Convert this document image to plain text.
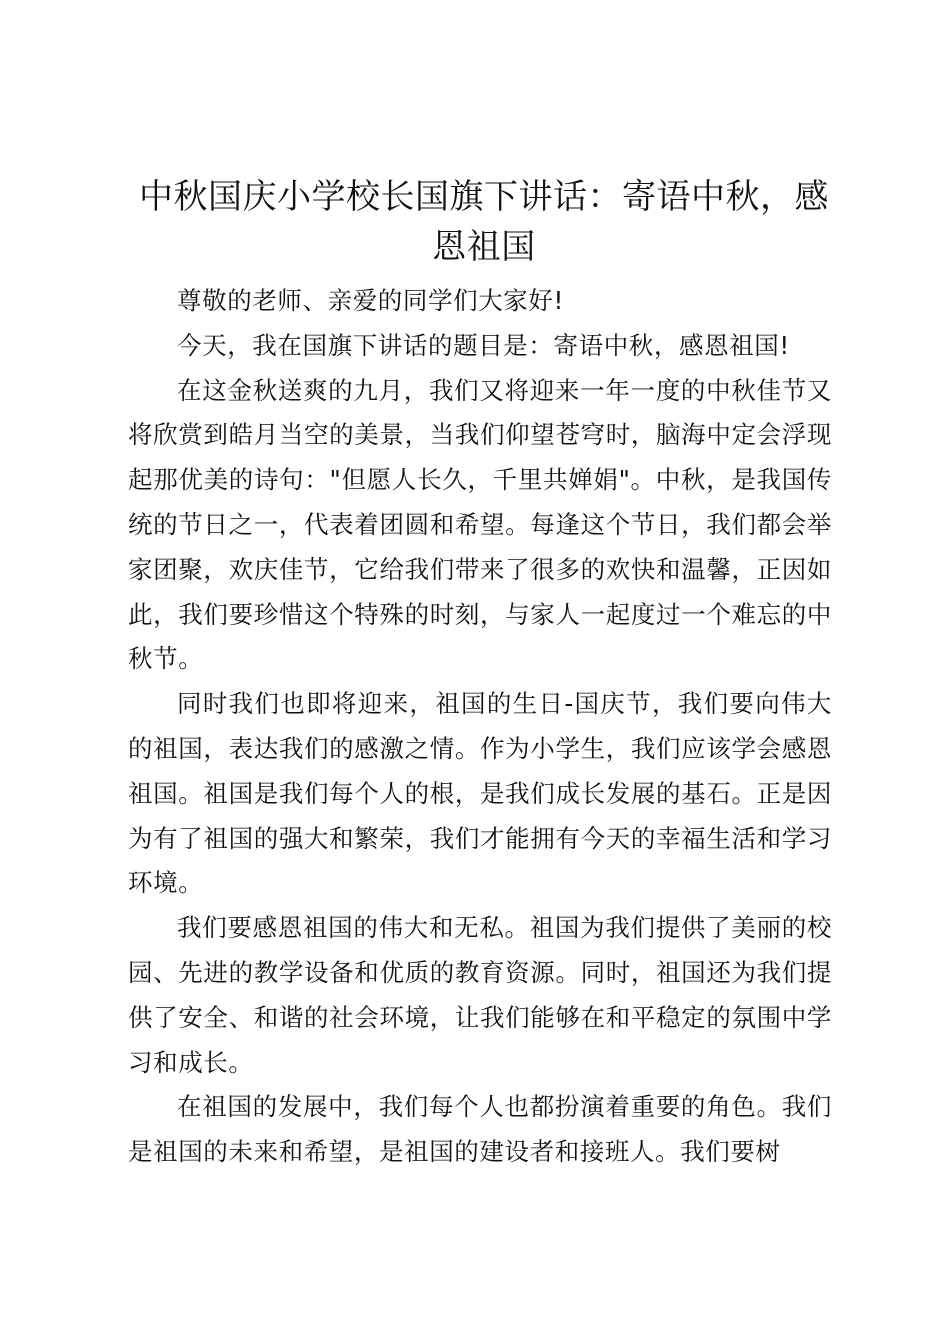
中秋国庆小学校长国旗下讲话：寄语中秋，感恩祖国

尊敬的老师、亲爱的同学们大家好!

今天，我在国旗下讲话的题目是：寄语中秋，感恩祖国!

在这金秋送爽的九月，我们又将迎来一年一度的中秋佳节又将欣赏到皓月当空的美景，当我们仰望苍穹时，脑海中定会浮现起那优美的诗句："但愿人长久，千里共婵娟"。中秋，是我国传统的节日之一，代表着团圆和希望。每逢这个节日，我们都会举家团聚，欢庆佳节，它给我们带来了很多的欢快和温馨，正因如此，我们要珍惜这个特殊的时刻，与家人一起度过一个难忘的中秋节。

同时我们也即将迎来，祖国的生日-国庆节，我们要向伟大的祖国，表达我们的感激之情。作为小学生，我们应该学会感恩祖国。祖国是我们每个人的根，是我们成长发展的基石。正是因为有了祖国的强大和繁荣，我们才能拥有今天的幸福生活和学习环境。

我们要感恩祖国的伟大和无私。祖国为我们提供了美丽的校园、先进的教学设备和优质的教育资源。同时，祖国还为我们提供了安全、和谐的社会环境，让我们能够在和平稳定的氛围中学习和成长。

在祖国的发展中，我们每个人也都扮演着重要的角色。我们是祖国的未来和希望，是祖国的建设者和接班人。我们要树
